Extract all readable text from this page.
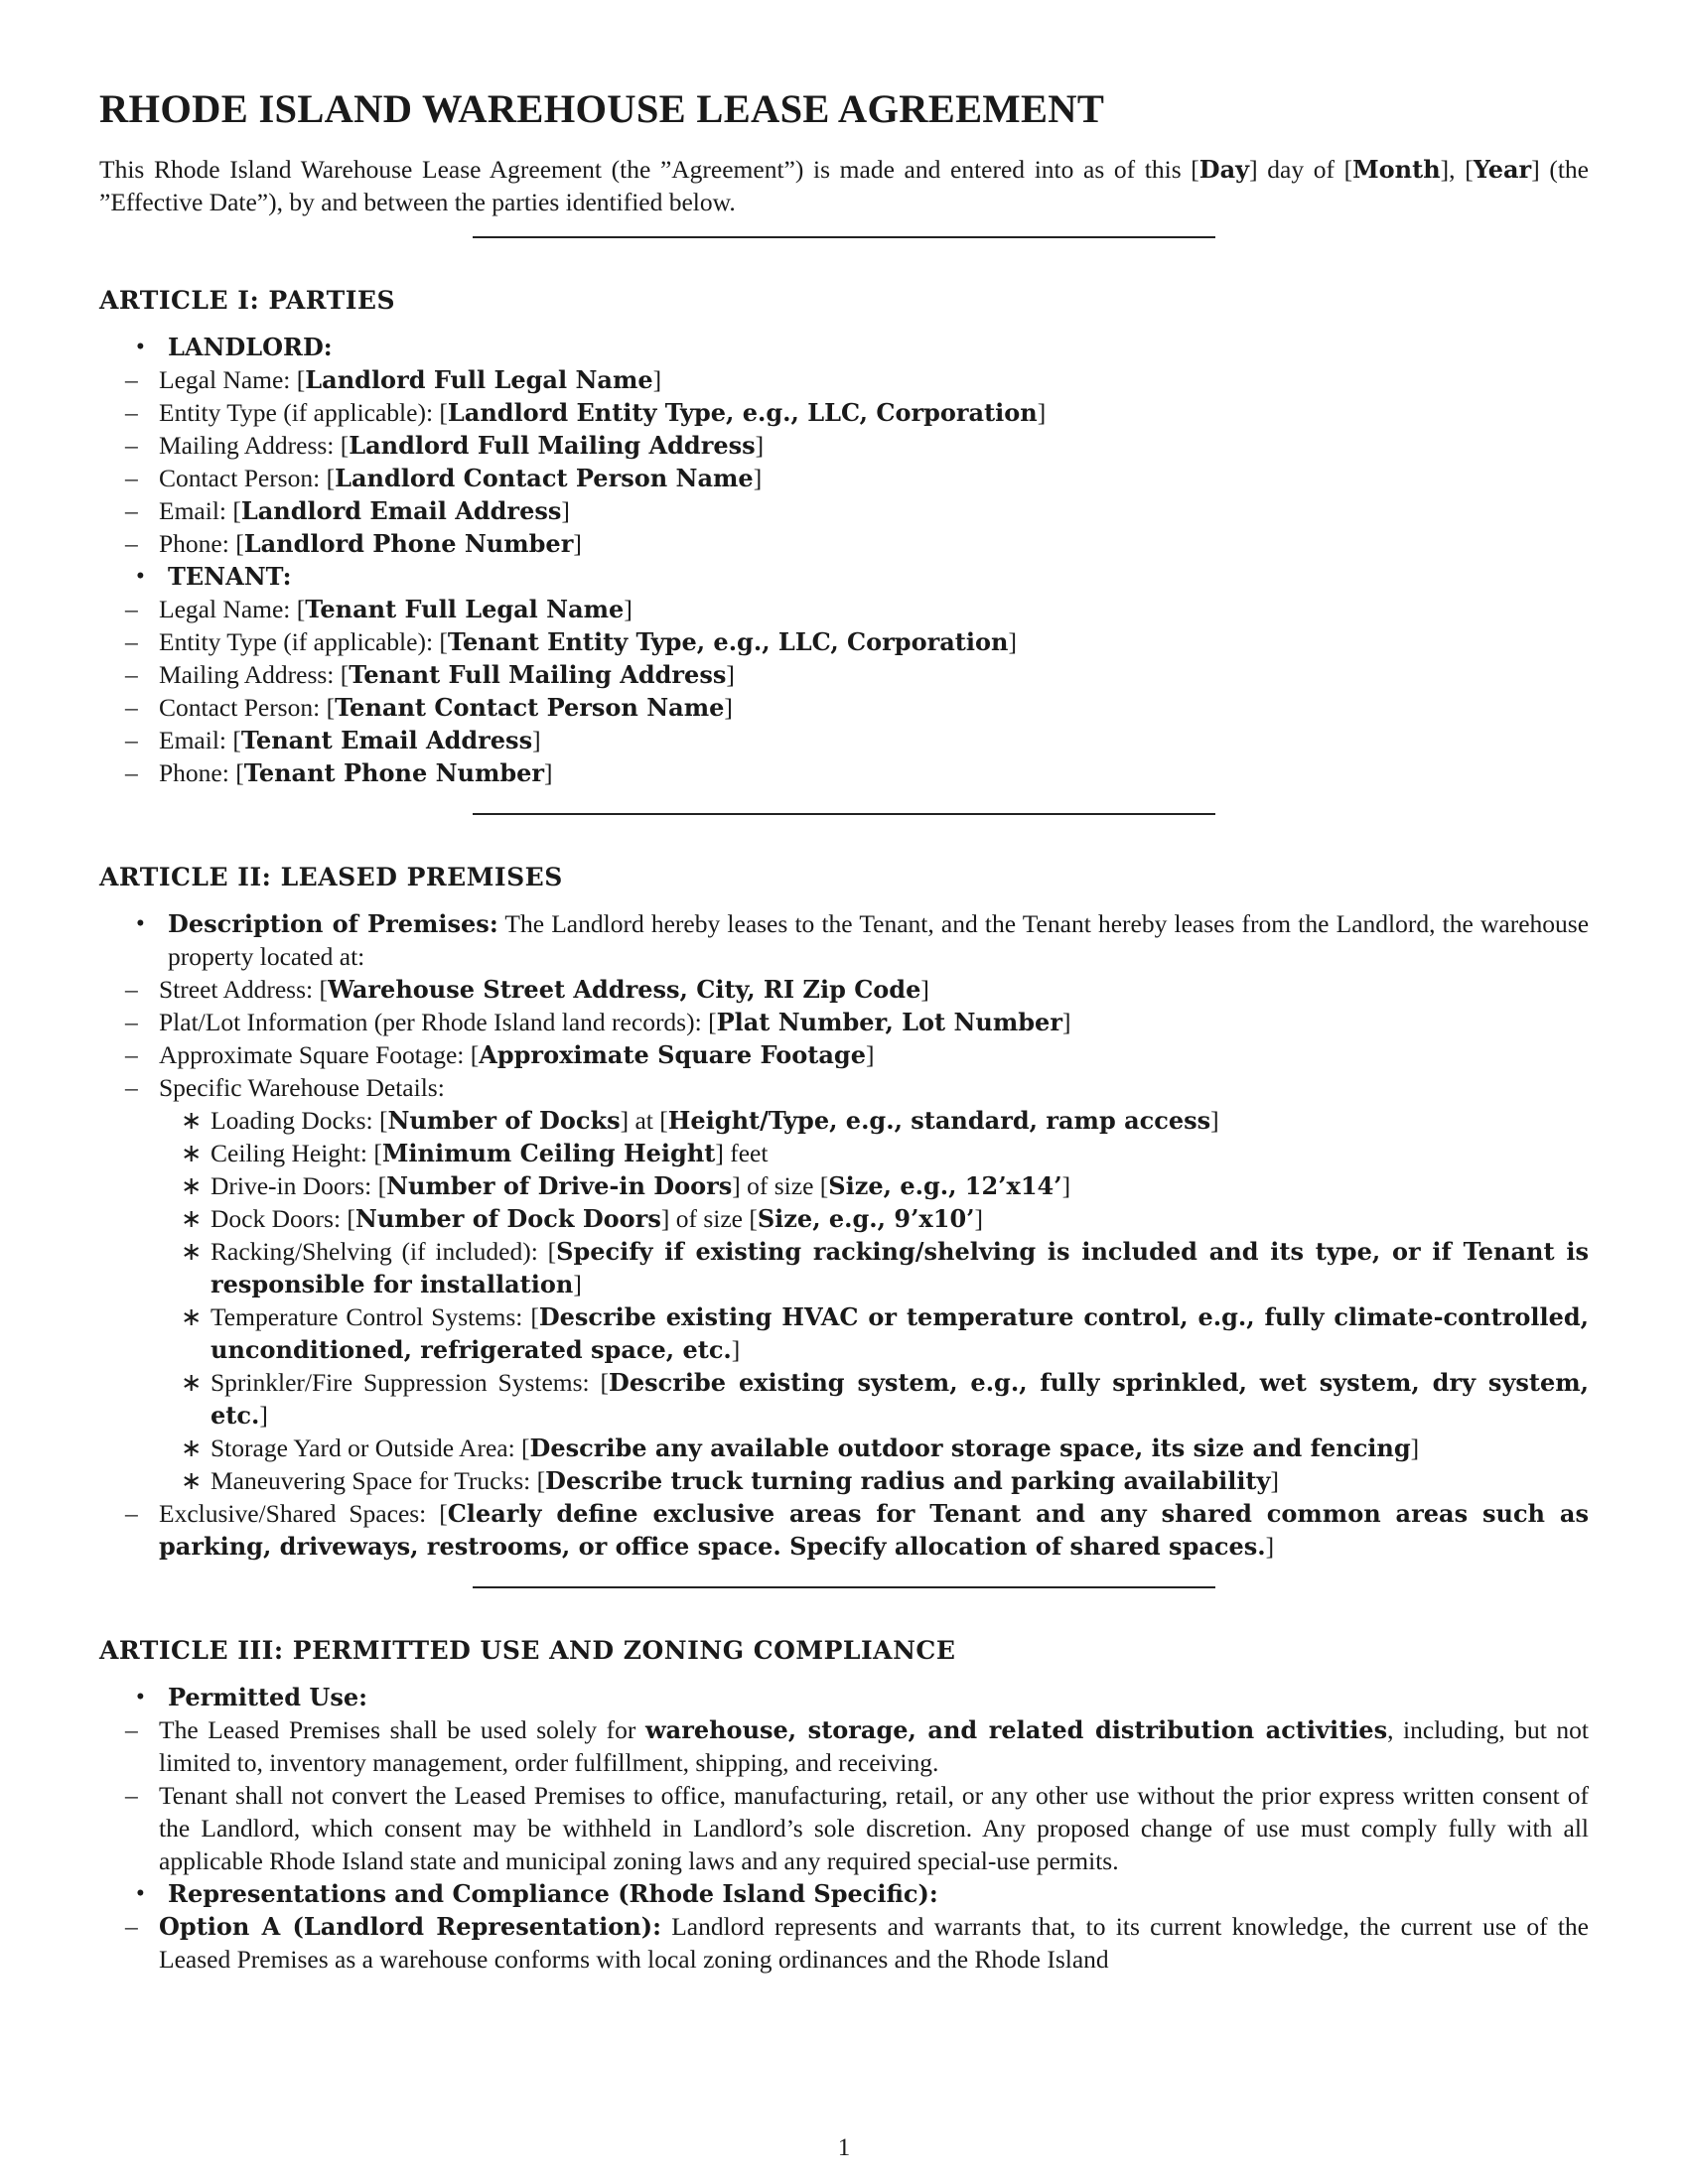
RHODE ISLAND WAREHOUSE LEASE AGREEMENT

This Rhode Island Warehouse Lease Agreement (the ”Agreement”) is made and entered into as of this [Day] day of [Month], [Year] (the ”Effective Date”), by and between the parties identified below.

ARTICLE I: PARTIES
• LANDLORD:
– Legal Name: [Landlord Full Legal Name]
– Entity Type (if applicable): [Landlord Entity Type, e.g., LLC, Corporation]
– Mailing Address: [Landlord Full Mailing Address]
– Contact Person: [Landlord Contact Person Name]
– Email: [Landlord Email Address]
– Phone: [Landlord Phone Number]
• TENANT:
– Legal Name: [Tenant Full Legal Name]
– Entity Type (if applicable): [Tenant Entity Type, e.g., LLC, Corporation]
– Mailing Address: [Tenant Full Mailing Address]
– Contact Person: [Tenant Contact Person Name]
– Email: [Tenant Email Address]
– Phone: [Tenant Phone Number]
ARTICLE II: LEASED PREMISES
• Description of Premises: The Landlord hereby leases to the Tenant, and the Tenant hereby leases from the Landlord, the warehouse property located at:
– Street Address: [Warehouse Street Address, City, RI Zip Code]
– Plat/Lot Information (per Rhode Island land records): [Plat Number, Lot Number]
– Approximate Square Footage: [Approximate Square Footage]
– Specific Warehouse Details:
∗ Loading Docks: [Number of Docks] at [Height/Type, e.g., standard, ramp access]
∗ Ceiling Height: [Minimum Ceiling Height] feet
∗ Drive-in Doors: [Number of Drive-in Doors] of size [Size, e.g., 12’x14’]
∗ Dock Doors: [Number of Dock Doors] of size [Size, e.g., 9’x10’]
∗ Racking/Shelving (if included): [Specify if existing racking/shelving is included and its type, or if Tenant is responsible for installation]
∗ Temperature Control Systems: [Describe existing HVAC or temperature control, e.g., fully climate-controlled, unconditioned, refrigerated space, etc.]
∗ Sprinkler/Fire Suppression Systems: [Describe existing system, e.g., fully sprinkled, wet system, dry system, etc.]
∗ Storage Yard or Outside Area: [Describe any available outdoor storage space, its size and fencing]
∗ Maneuvering Space for Trucks: [Describe truck turning radius and parking availability]
– Exclusive/Shared Spaces: [Clearly define exclusive areas for Tenant and any shared common areas such as parking, driveways, restrooms, or office space. Specify allocation of shared spaces.]
ARTICLE III: PERMITTED USE AND ZONING COMPLIANCE
• Permitted Use:
– The Leased Premises shall be used solely for warehouse, storage, and related distribution activities, including, but not limited to, inventory management, order fulfillment, shipping, and receiving.
– Tenant shall not convert the Leased Premises to office, manufacturing, retail, or any other use without the prior express written consent of the Landlord, which consent may be withheld in Landlord’s sole discretion. Any proposed change of use must comply fully with all applicable Rhode Island state and municipal zoning laws and any required special-use permits.
• Representations and Compliance (Rhode Island Specific):
– Option A (Landlord Representation): Landlord represents and warrants that, to its current knowledge, the current use of the Leased Premises as a warehouse conforms with local zoning ordinances and the Rhode Island
1
